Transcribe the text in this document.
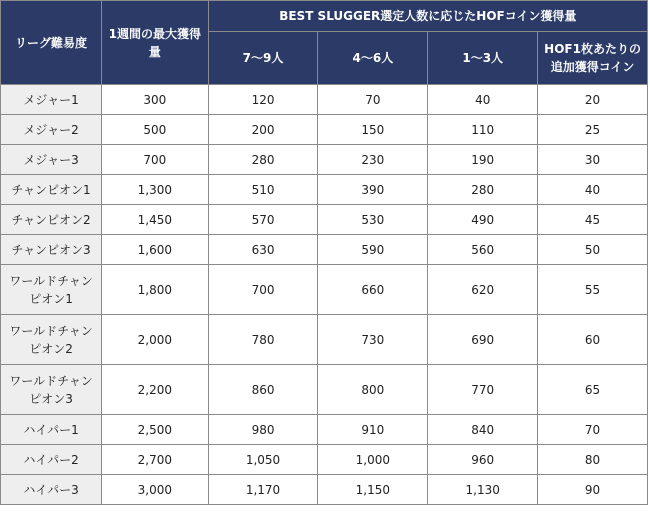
リーグ難易度	1週間の最大獲得量	BEST SLUGGER選定人数に応じたHOFコイン獲得量			
		7〜9人	4〜6人	1〜3人	HOF1枚あたりの追加獲得コイン
メジャー1	300	120	70	40	20
メジャー2	500	200	150	110	25
メジャー3	700	280	230	190	30
チャンピオン1	1,300	510	390	280	40
チャンピオン2	1,450	570	530	490	45
チャンピオン3	1,600	630	590	560	50
ワールドチャンピオン1	1,800	700	660	620	55
ワールドチャンピオン2	2,000	780	730	690	60
ワールドチャンピオン3	2,200	860	800	770	65
ハイパー1	2,500	980	910	840	70
ハイパー2	2,700	1,050	1,000	960	80
ハイパー3	3,000	1,170	1,150	1,130	90
